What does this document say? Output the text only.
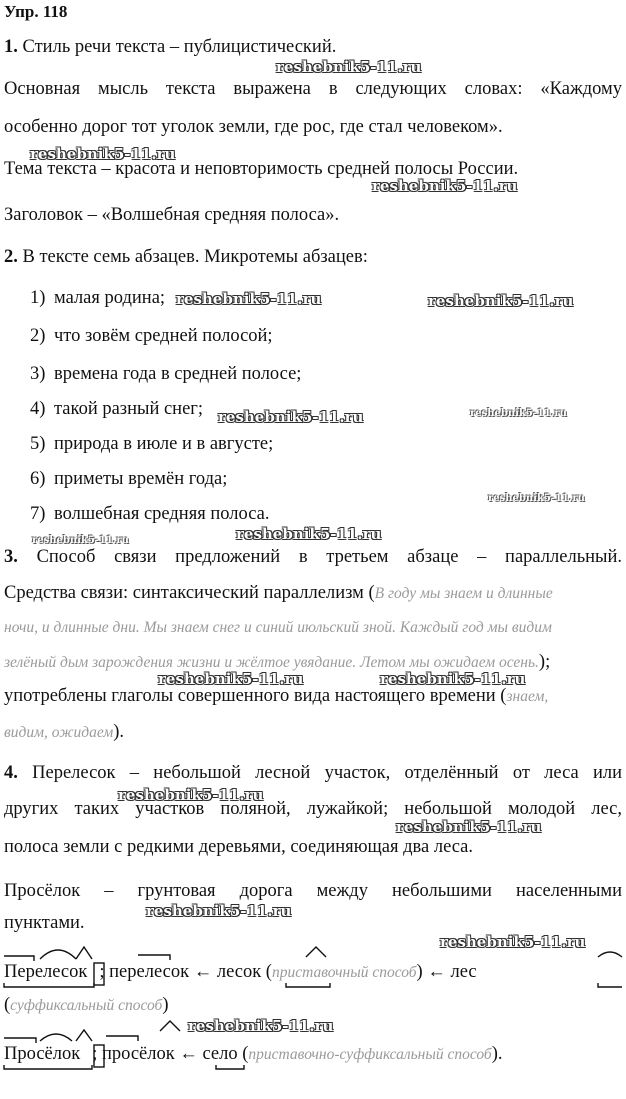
Упр. 118
1. Стиль речи текста – публицистический.
Основная мысль текста выражена в следующих словах: «Каждому
особенно дорог тот уголок земли, где рос, где стал человеком».
Тема текста – красота и неповторимость средней полосы России.
Заголовок – «Волшебная средняя полоса».
2. В тексте семь абзацев. Микротемы абзацев:
1) малая родина;
2) что зовём средней полосой;
3) времена года в средней полосе;
4) такой разный снег;
5) природа в июле и в августе;
6) приметы времён года;
7) волшебная средняя полоса.
3. Способ связи предложений в третьем абзаце – параллельный.
Средства связи: синтаксический параллелизм (В году мы знаем и длинные
ночи, и длинные дни. Мы знаем снег и синий июльский зной. Каждый год мы видим
зелёный дым зарождения жизни и жёлтое увядание. Летом мы ожидаем осень.);
употреблены глаголы совершенного вида настоящего времени (знаем,
видим, ожидаем).
4. Перелесок – небольшой лесной участок, отделённый от леса или
других таких участков поляной, лужайкой; небольшой молодой лес,
полоса земли с редкими деревьями, соединяющая два леса.
Просёлок – грунтовая дорога между небольшими населенными
пунктами.
Перелесок ; перелесок ← лесок (приставочный способ) ← лес
(суффиксальный способ)
Просёлок ; просёлок ← село (приставочно-суффиксальный способ).
reshebnik5-11.ru
reshebnik5-11.ru
reshebnik5-11.ru
reshebnik5-11.ru	reshebnik5-11.ru
reshebnik5-11.ru	reshebnik5-11.ru
reshebnik5-11.ru
reshebnik5-11.ru
reshebnik5-11.ru
reshebnik5-11.ru	reshebnik5-11.ru
reshebnik5-11.ru
reshebnik5-11.ru
reshebnik5-11.ru
reshebnik5-11.ru
reshebnik5-11.ru
